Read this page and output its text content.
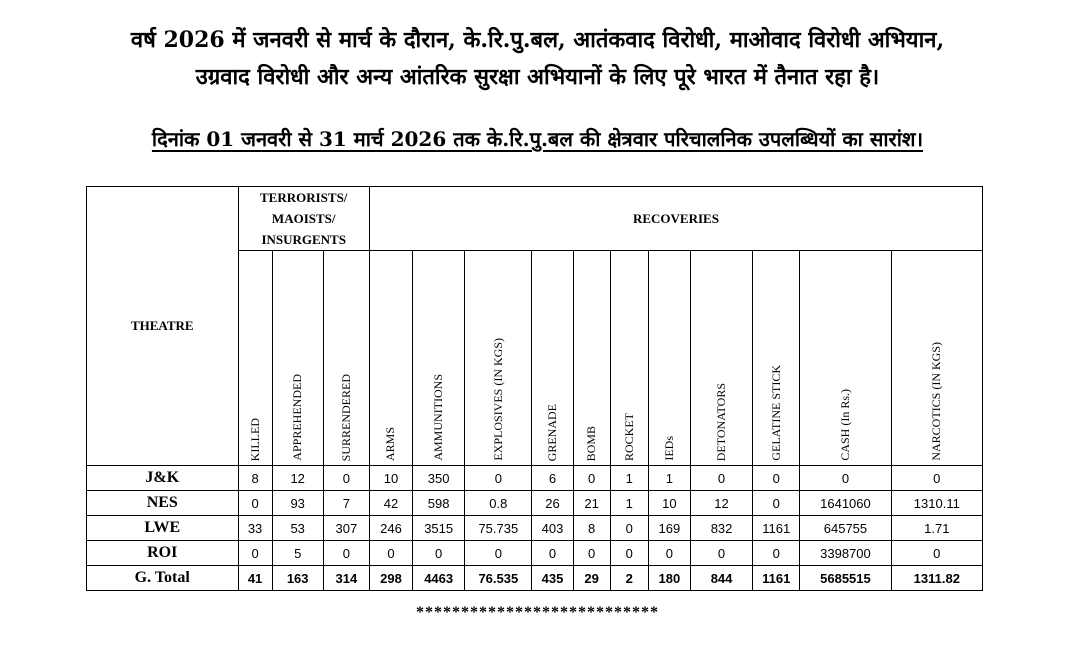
वर्ष 2026 में जनवरी से मार्च के दौरान, के.रि.पु.बल, आतंकवाद विरोधी, माओवाद विरोधी अभियान,
उग्रवाद विरोधी और अन्य आंतरिक सुरक्षा अभियानों के लिए पूरे भारत में तैनात रहा है।
दिनांक 01 जनवरी से 31 मार्च 2026 तक के.रि.पु.बल की क्षेत्रवार परिचालनिक उपलब्धियों का सारांश।
THEATRE	TERRORISTS/
MAOISTS/
INSURGENTS			RECOVERIES										
	KILLED	APPREHENDED	SURRENDERED	ARMS	AMMUNITIONS	EXPLOSIVES (IN KGS)	GRENADE	BOMB	ROCKET	IEDs	DETONATORS	GELATINE STICK	CASH (In Rs.)	NARCOTICS (IN KGS)
J&K	8	12	0	10	350	0	6	0	1	1	0	0	0	0
NES	0	93	7	42	598	0.8	26	21	1	10	12	0	1641060	1310.11
LWE	33	53	307	246	3515	75.735	403	8	0	169	832	1161	645755	1.71
ROI	0	5	0	0	0	0	0	0	0	0	0	0	3398700	0
G. Total	41	163	314	298	4463	76.535	435	29	2	180	844	1161	5685515	1311.82
***************************
